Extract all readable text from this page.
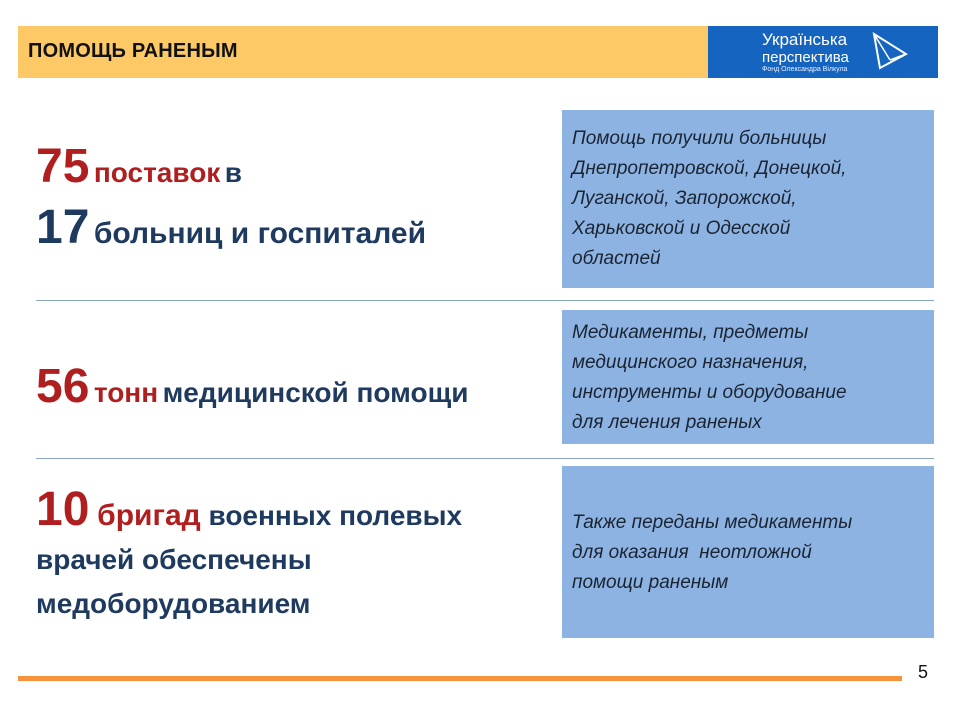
ПОМОЩЬ РАНЕНЫМ
Українська
перспектива
Фонд Олександра Вілкула
75 поставок в
17 больниц и госпиталей
56 тонн медицинской помощи
10 бригад военных полевых врачей обеспечены медоборудованием
Помощь получили больницы
Днепропетровской, Донецкой,
Луганской, Запорожской,
Харьковской и Одесской
областей
Медикаменты, предметы
медицинского назначения,
инструменты и оборудование
для лечения раненых
Также переданы медикаменты
для оказания  неотложной
помощи раненым
5
